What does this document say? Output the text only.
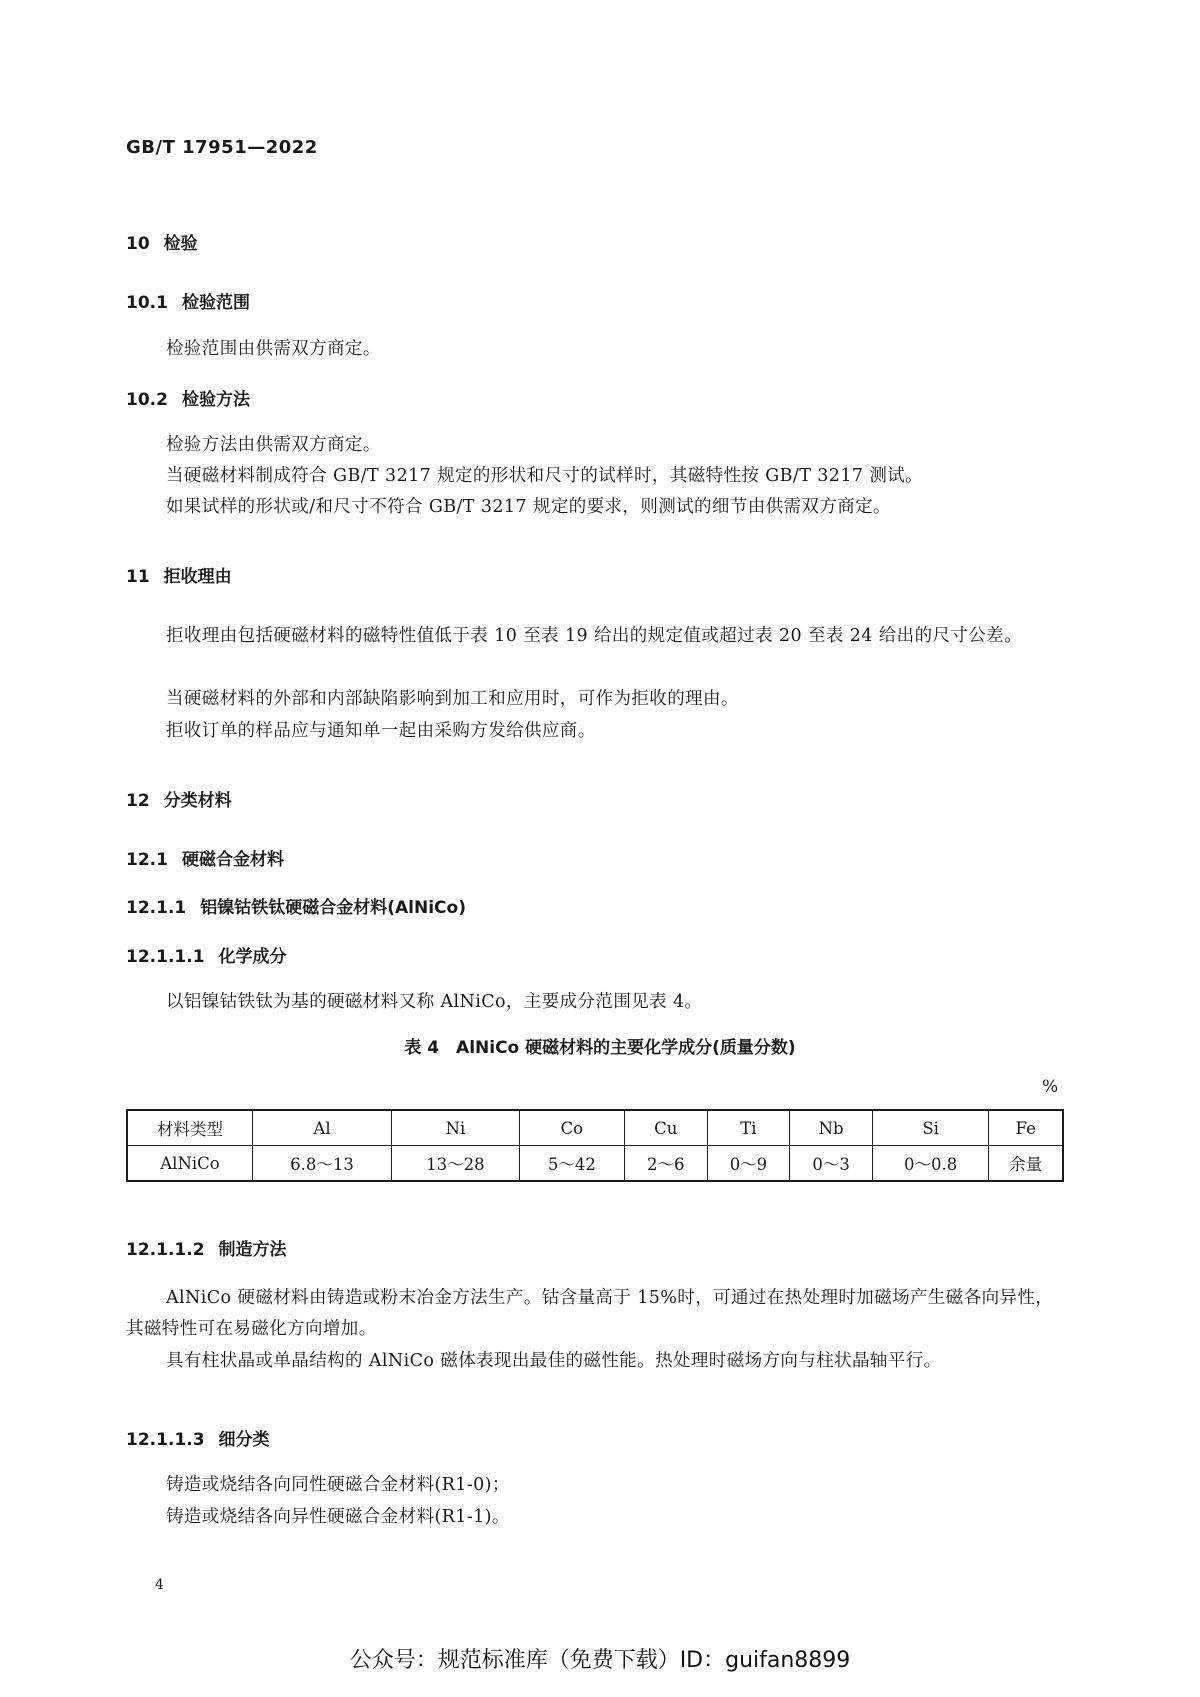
GB/T 17951—2022
10 检验
10.1 检验范围
检验范围由供需双方商定。
10.2 检验方法
检验方法由供需双方商定。
当硬磁材料制成符合 GB/T 3217 规定的形状和尺寸的试样时，其磁特性按 GB/T 3217 测试。
如果试样的形状或/和尺寸不符合 GB/T 3217 规定的要求，则测试的细节由供需双方商定。
11 拒收理由
拒收理由包括硬磁材料的磁特性值低于表 10 至表 19 给出的规定值或超过表 20 至表 24 给出的尺寸公差。
当硬磁材料的外部和内部缺陷影响到加工和应用时，可作为拒收的理由。
拒收订单的样品应与通知单一起由采购方发给供应商。
12 分类材料
12.1 硬磁合金材料
12.1.1 铝镍钴铁钛硬磁合金材料(AlNiCo)
12.1.1.1 化学成分
以铝镍钴铁钛为基的硬磁材料又称 AlNiCo，主要成分范围见表 4。
表 4　AlNiCo 硬磁材料的主要化学成分(质量分数)
%
材料类型	Al	Ni	Co	Cu	Ti	Nb	Si	Fe
AlNiCo	6.8～13	13～28	5～42	2～6	0～9	0～3	0～0.8	余量
12.1.1.2 制造方法
AlNiCo 硬磁材料由铸造或粉末冶金方法生产。钴含量高于 15%时，可通过在热处理时加磁场产生磁各向异性，其磁特性可在易磁化方向增加。
具有柱状晶或单晶结构的 AlNiCo 磁体表现出最佳的磁性能。热处理时磁场方向与柱状晶轴平行。
12.1.1.3 细分类
铸造或烧结各向同性硬磁合金材料(R1-0)；
铸造或烧结各向异性硬磁合金材料(R1-1)。
4
公众号：规范标准库（免费下载）ID：guifan8899
